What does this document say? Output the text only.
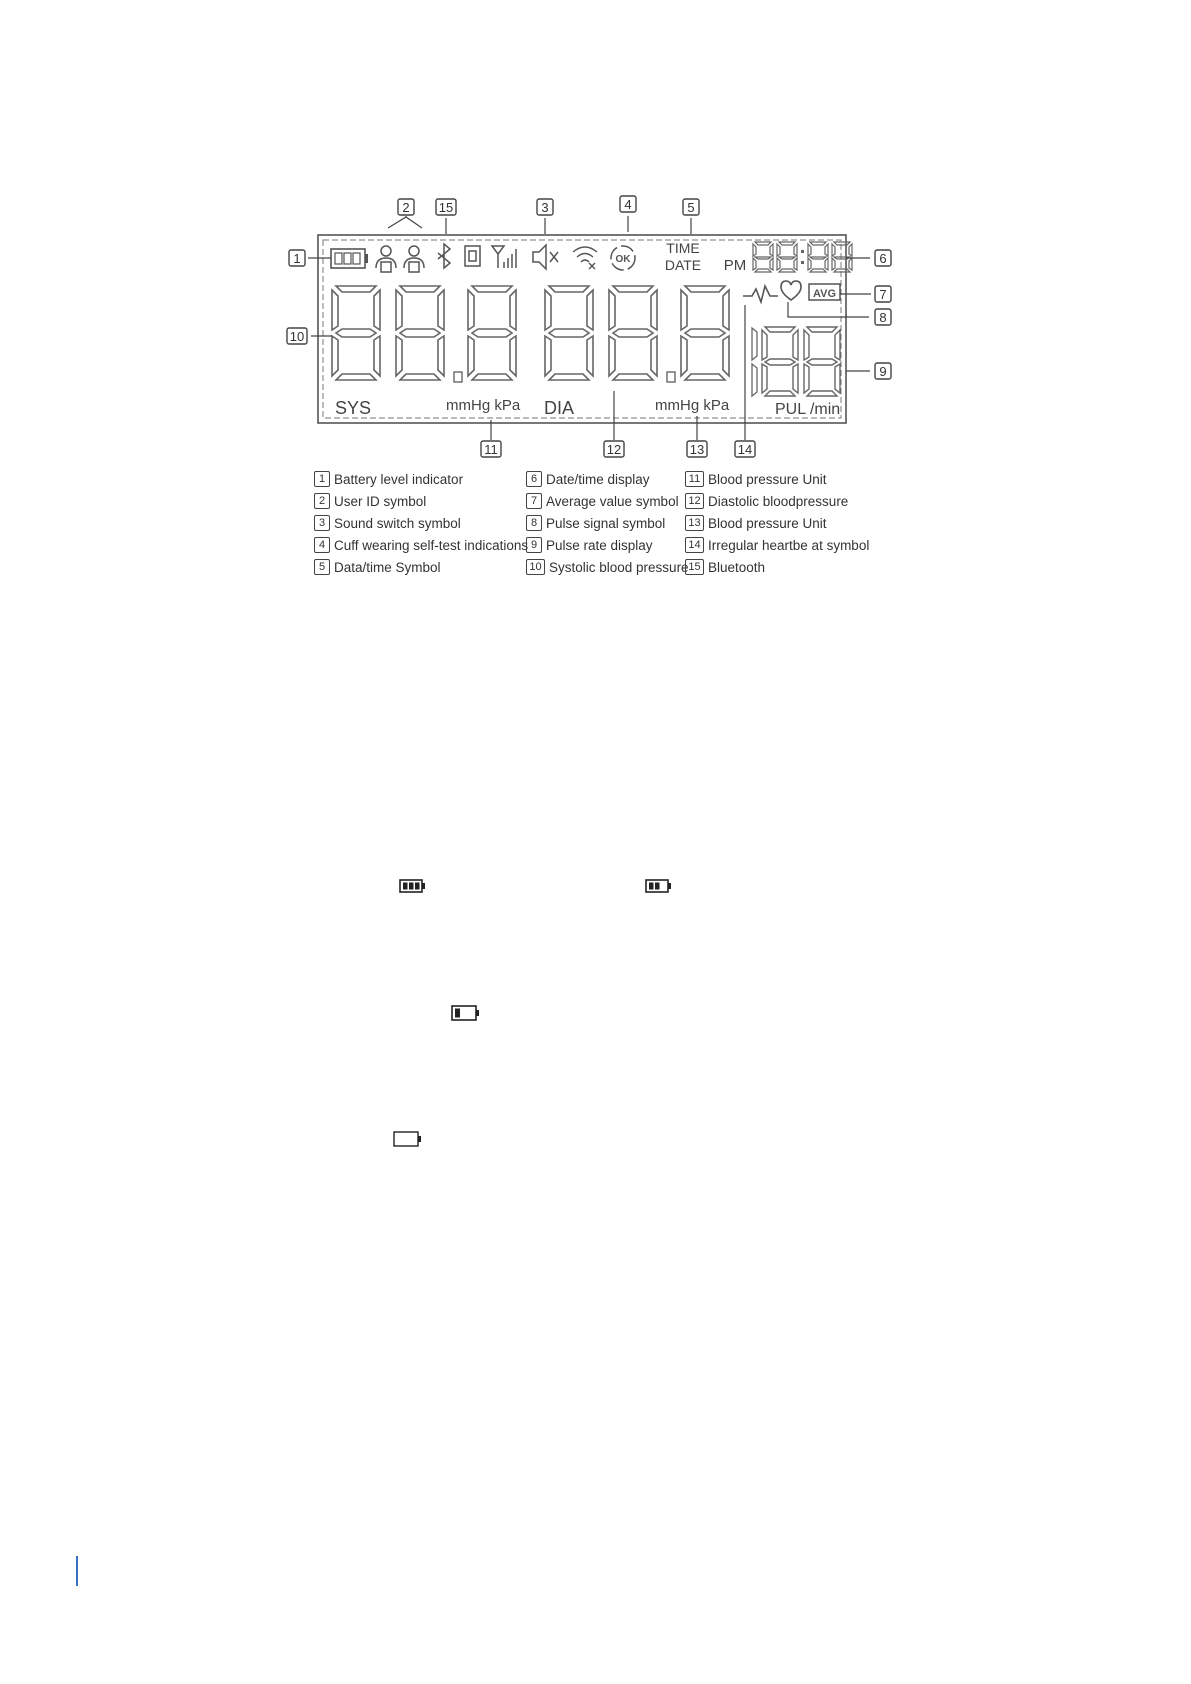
OK
TIME
DATE PM
AVG
SYS	mmHg kPa DIA	mmHg kPa	PUL /min
1
2 15	3	4	5
6
7
8
9
10
11	12	13	14
1 Battery level indicator
2 User ID symbol
3 Sound switch symbol
4 Cuff wearing self-test indications
5 Data/time Symbol
6 Date/time display
7 Average value symbol
8 Pulse signal symbol
9 Pulse rate display
10 Systolic blood pressure
11 Blood pressure Unit
12 Diastolic bloodpressure
13 Blood pressure Unit
14 Irregular heartbe at symbol
15 Bluetooth
